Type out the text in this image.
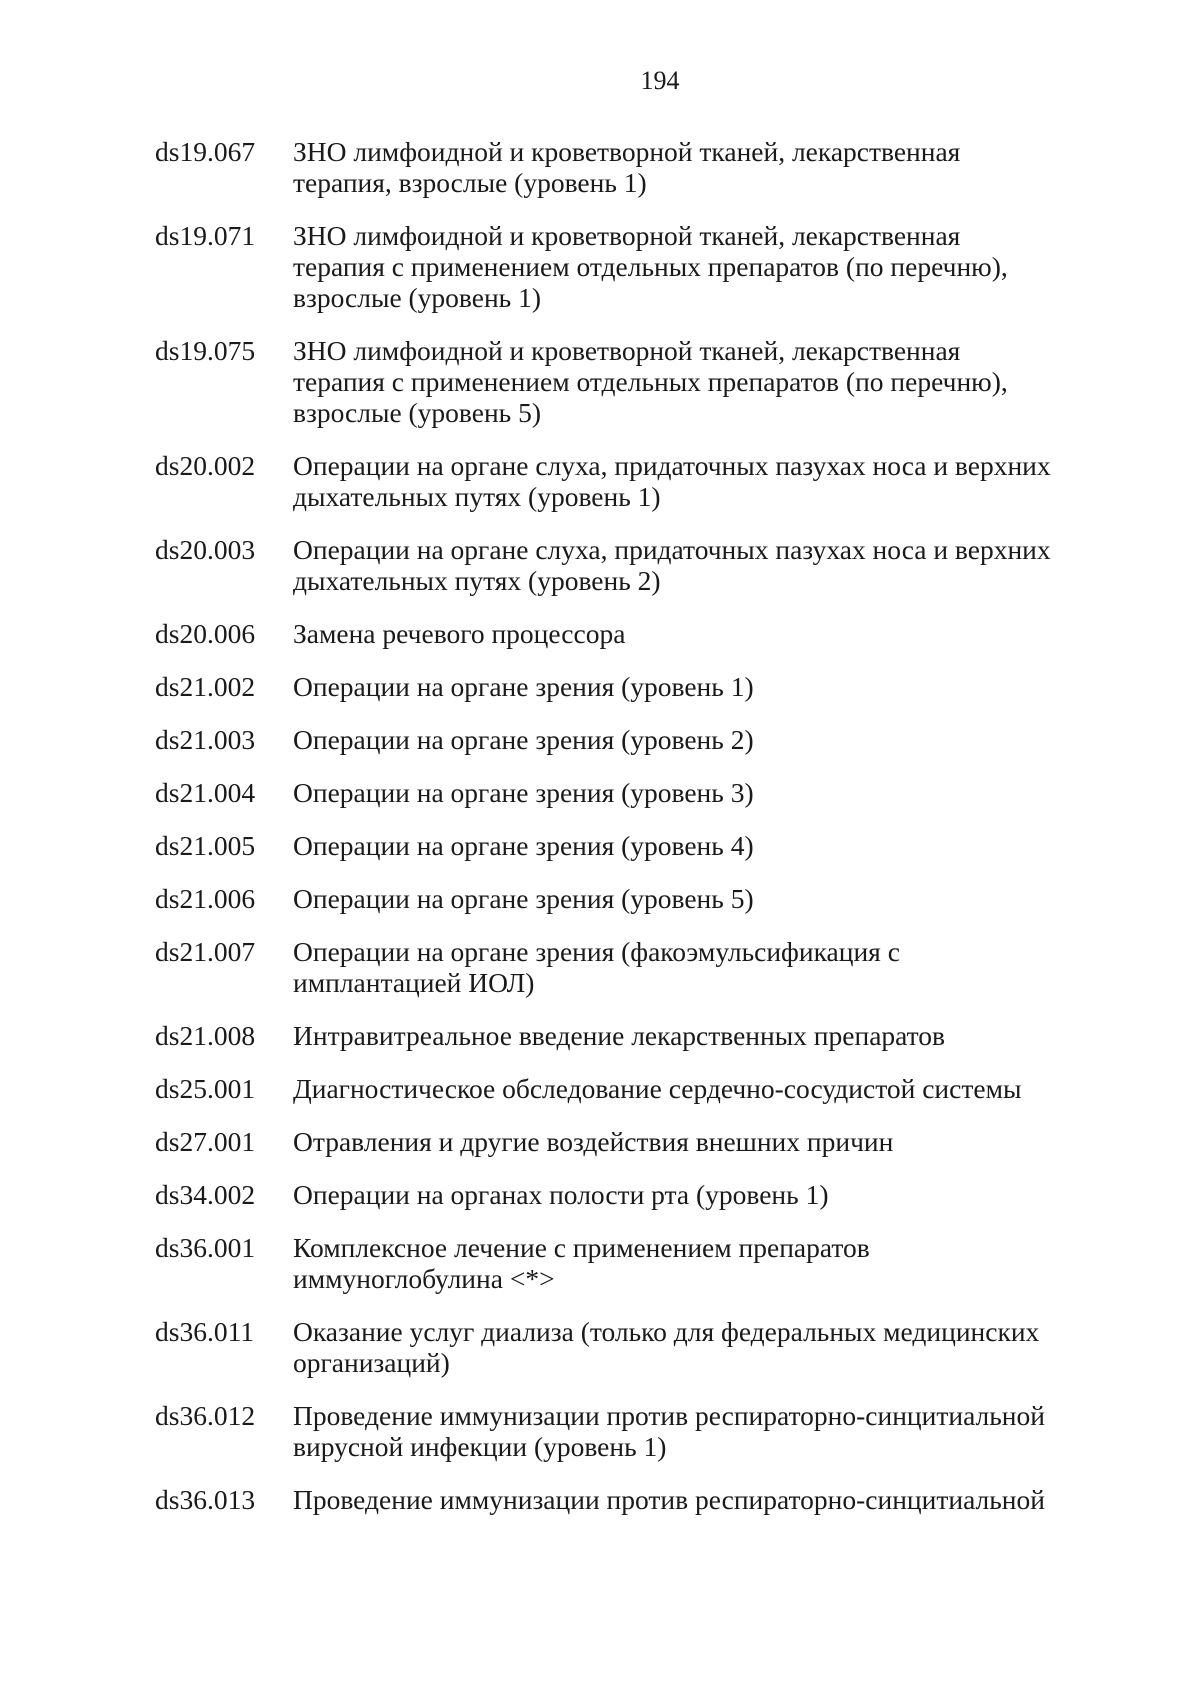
194
ds19.067	ЗНО лимфоидной и кроветворной тканей, лекарственная
терапия, взрослые (уровень 1)
ds19.071	ЗНО лимфоидной и кроветворной тканей, лекарственная
терапия с применением отдельных препаратов (по перечню),
взрослые (уровень 1)
ds19.075	ЗНО лимфоидной и кроветворной тканей, лекарственная
терапия с применением отдельных препаратов (по перечню),
взрослые (уровень 5)
ds20.002	Операции на органе слуха, придаточных пазухах носа и верхних
дыхательных путях (уровень 1)
ds20.003	Операции на органе слуха, придаточных пазухах носа и верхних
дыхательных путях (уровень 2)
ds20.006	Замена речевого процессора
ds21.002	Операции на органе зрения (уровень 1)
ds21.003	Операции на органе зрения (уровень 2)
ds21.004	Операции на органе зрения (уровень 3)
ds21.005	Операции на органе зрения (уровень 4)
ds21.006	Операции на органе зрения (уровень 5)
ds21.007	Операции на органе зрения (факоэмульсификация с
имплантацией ИОЛ)
ds21.008	Интравитреальное введение лекарственных препаратов
ds25.001	Диагностическое обследование сердечно-сосудистой системы
ds27.001	Отравления и другие воздействия внешних причин
ds34.002	Операции на органах полости рта (уровень 1)
ds36.001	Комплексное лечение с применением препаратов
иммуноглобулина <*>
ds36.011	Оказание услуг диализа (только для федеральных медицинских
организаций)
ds36.012	Проведение иммунизации против респираторно-синцитиальной
вирусной инфекции (уровень 1)
ds36.013	Проведение иммунизации против респираторно-синцитиальной
